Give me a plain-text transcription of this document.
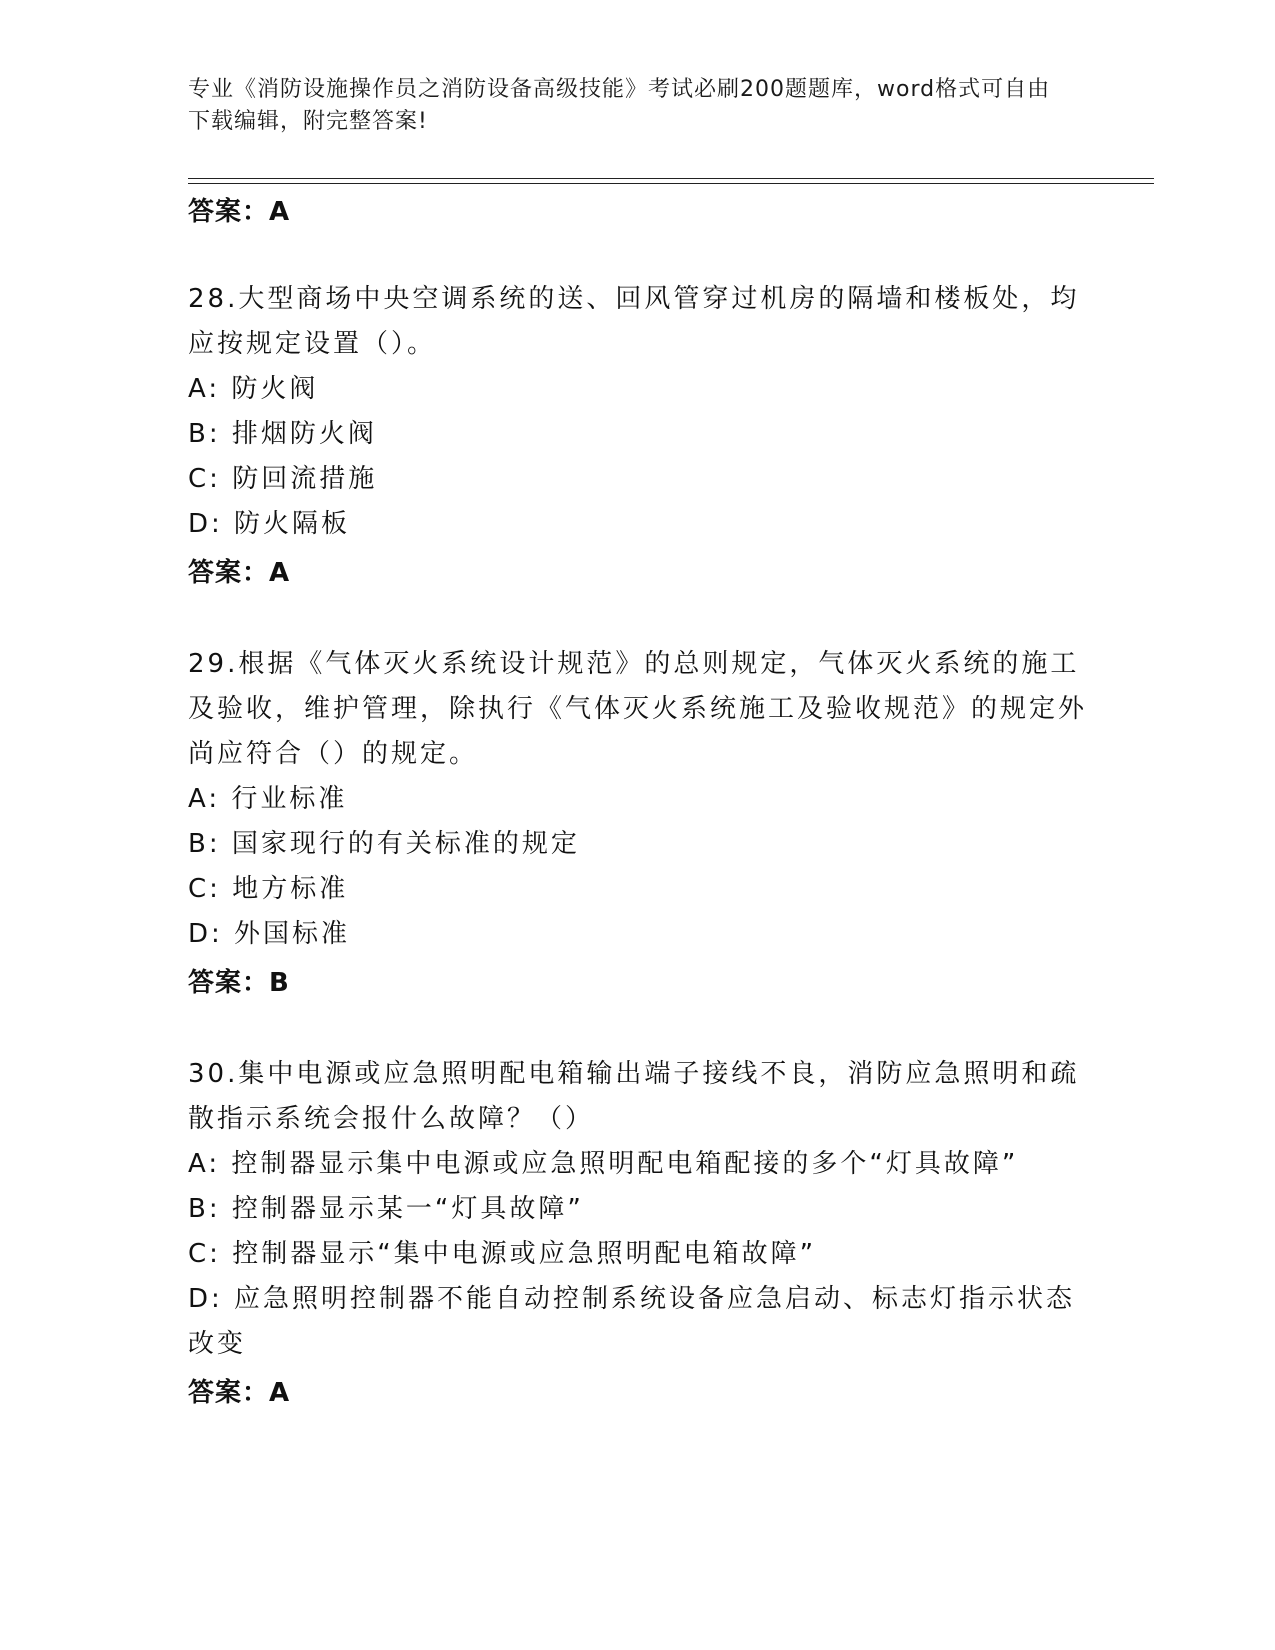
专业《消防设施操作员之消防设备高级技能》考试必刷200题题库，word格式可自由下载编辑，附完整答案!

答案：A

28.大型商场中央空调系统的送、回风管穿过机房的隔墙和楼板处，均应按规定设置（）。

A: 防火阀

B: 排烟防火阀

C: 防回流措施

D: 防火隔板

答案：A

29.根据《气体灭火系统设计规范》的总则规定，气体灭火系统的施工及验收，维护管理，除执行《气体灭火系统施工及验收规范》的规定外尚应符合（）的规定。

A: 行业标准

B: 国家现行的有关标准的规定

C: 地方标准

D: 外国标准

答案：B

30.集中电源或应急照明配电箱输出端子接线不良，消防应急照明和疏散指示系统会报什么故障？（）

A: 控制器显示集中电源或应急照明配电箱配接的多个“灯具故障”

B: 控制器显示某一“灯具故障”

C: 控制器显示“集中电源或应急照明配电箱故障”

D: 应急照明控制器不能自动控制系统设备应急启动、标志灯指示状态改变

答案：A
